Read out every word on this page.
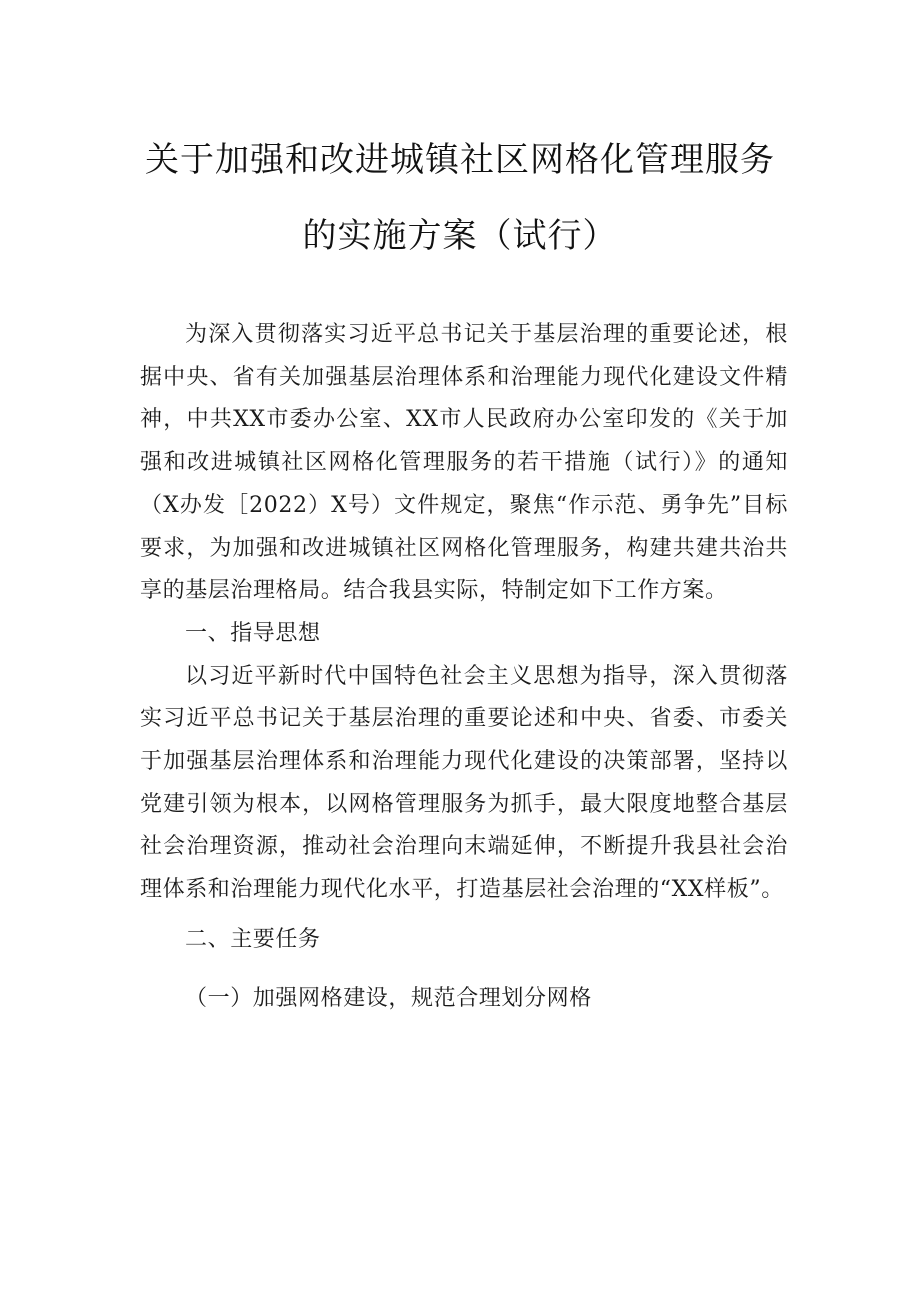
关于加强和改进城镇社区网格化管理服务
的实施方案（试行）

为深入贯彻落实习近平总书记关于基层治理的重要论述，根据中央、省有关加强基层治理体系和治理能力现代化建设文件精神，中共XX市委办公室、XX市人民政府办公室印发的《关于加强和改进城镇社区网格化管理服务的若干措施（试行）》的通知（X办发［2022）X号）文件规定，聚焦“作示范、勇争先”目标要求，为加强和改进城镇社区网格化管理服务，构建共建共治共享的基层治理格局。结合我县实际，特制定如下工作方案。

一、指导思想

以习近平新时代中国特色社会主义思想为指导，深入贯彻落实习近平总书记关于基层治理的重要论述和中央、省委、市委关于加强基层治理体系和治理能力现代化建设的决策部署，坚持以党建引领为根本，以网格管理服务为抓手，最大限度地整合基层社会治理资源，推动社会治理向末端延伸，不断提升我县社会治理体系和治理能力现代化水平，打造基层社会治理的“XX样板”。

二、主要任务

（一）加强网格建设，规范合理划分网格
